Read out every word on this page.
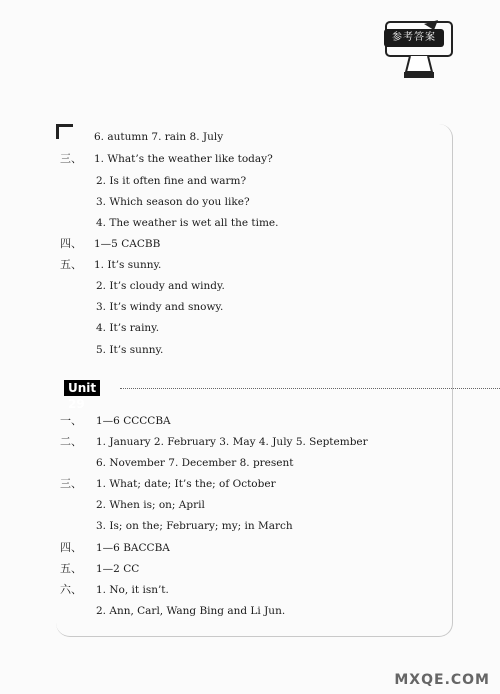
参考答案
6. autumn 7. rain 8. July
三、 1. What’s the weather like today?
2. Is it often fine and warm?
3. Which season do you like?
4. The weather is wet all the time.
四、 1—5 CACBB
五、 1. It’s sunny.
2. It’s cloudy and windy.
3. It’s windy and snowy.
4. It’s rainy.
5. It’s sunny.
Unit 29
一、 1—6 CCCCBA
二、 1. January 2. February 3. May 4. July 5. September
6. November 7. December 8. present
三、 1. What; date; It’s the; of October
2. When is; on; April
3. Is; on the; February; my; in March
四、 1—6 BACCBA
五、 1—2 CC
六、 1. No, it isn’t.
2. Ann, Carl, Wang Bing and Li Jun.
MXQE.COM
